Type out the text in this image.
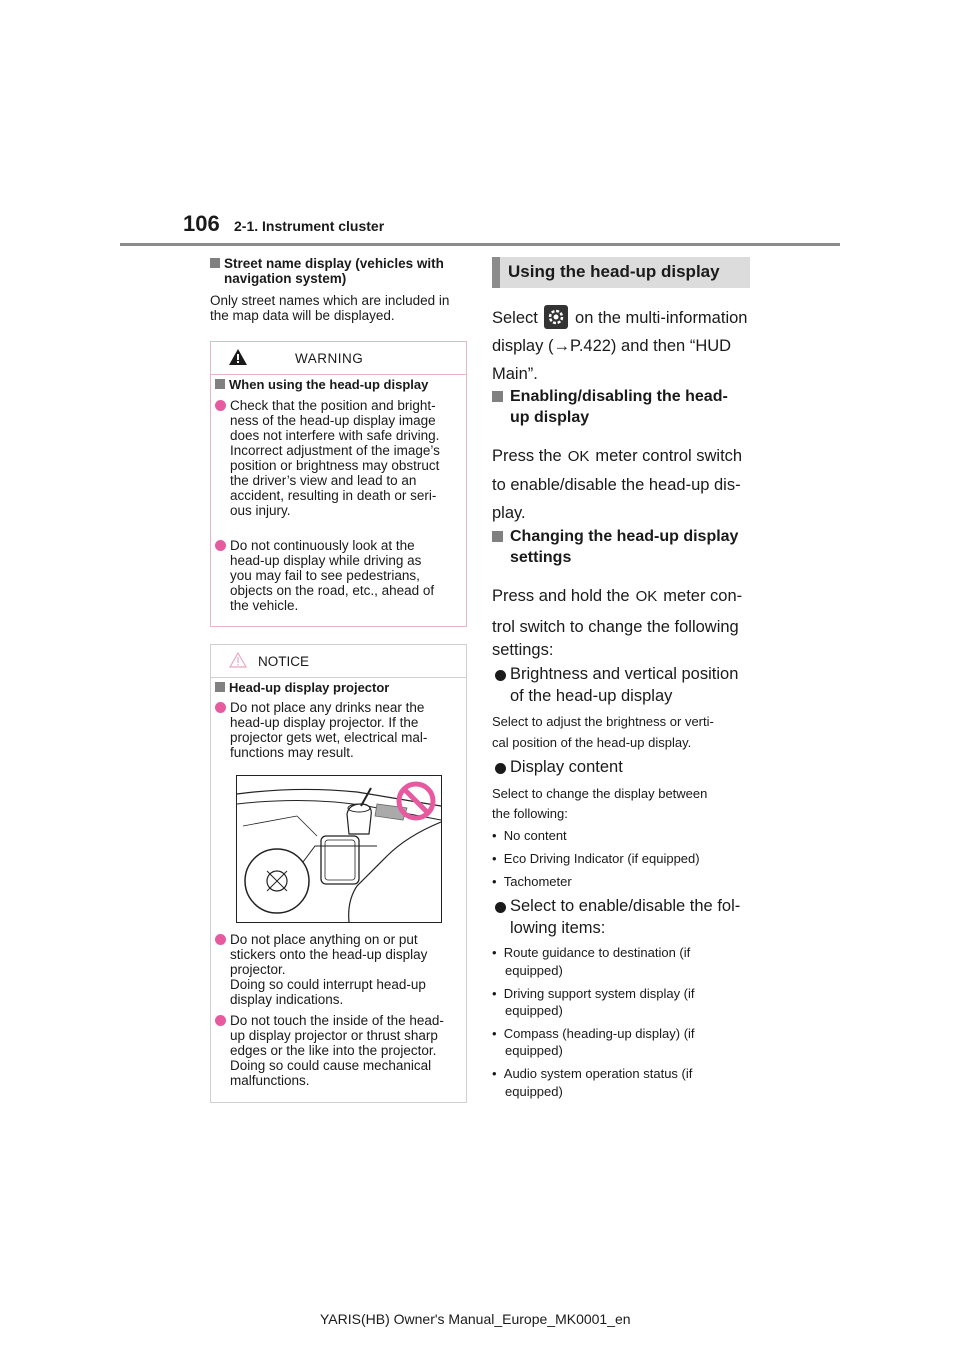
106 2-1. Instrument cluster
Street name display (vehicles with
navigation system)
Only street names which are included in
the map data will be displayed.
WARNING
When using the head-up display
Check that the position and bright-
ness of the head-up display image
does not interfere with safe driving.
Incorrect adjustment of the image’s
position or brightness may obstruct
the driver’s view and lead to an
accident, resulting in death or seri-
ous injury.
Do not continuously look at the
head-up display while driving as
you may fail to see pedestrians,
objects on the road, etc., ahead of
the vehicle.
NOTICE
Head-up display projector
Do not place any drinks near the
head-up display projector. If the
projector gets wet, electrical mal-
functions may result.
Do not place anything on or put
stickers onto the head-up display
projector.
Doing so could interrupt head-up
display indications.
Do not touch the inside of the head-
up display projector or thrust sharp
edges or the like into the projector.
Doing so could cause mechanical
malfunctions.
Using the head-up display
Select on the multi-information
display (→P.422) and then “HUD
Main”.
Enabling/disabling the head-
up display
Press the OK meter control switch
to enable/disable the head-up dis-
play.
Changing the head-up display
settings
Press and hold the OK meter con-
trol switch to change the following
settings:
Brightness and vertical position
of the head-up display
Select to adjust the brightness or verti-
cal position of the head-up display.
Display content
Select to change the display between
the following:
•  No content
•  Eco Driving Indicator (if equipped)
•  Tachometer
Select to enable/disable the fol-
lowing items:
•  Route guidance to destination (if
equipped)
•  Driving support system display (if
equipped)
•  Compass (heading-up display) (if
equipped)
•  Audio system operation status (if
equipped)
YARIS(HB) Owner's Manual_Europe_MK0001_en
